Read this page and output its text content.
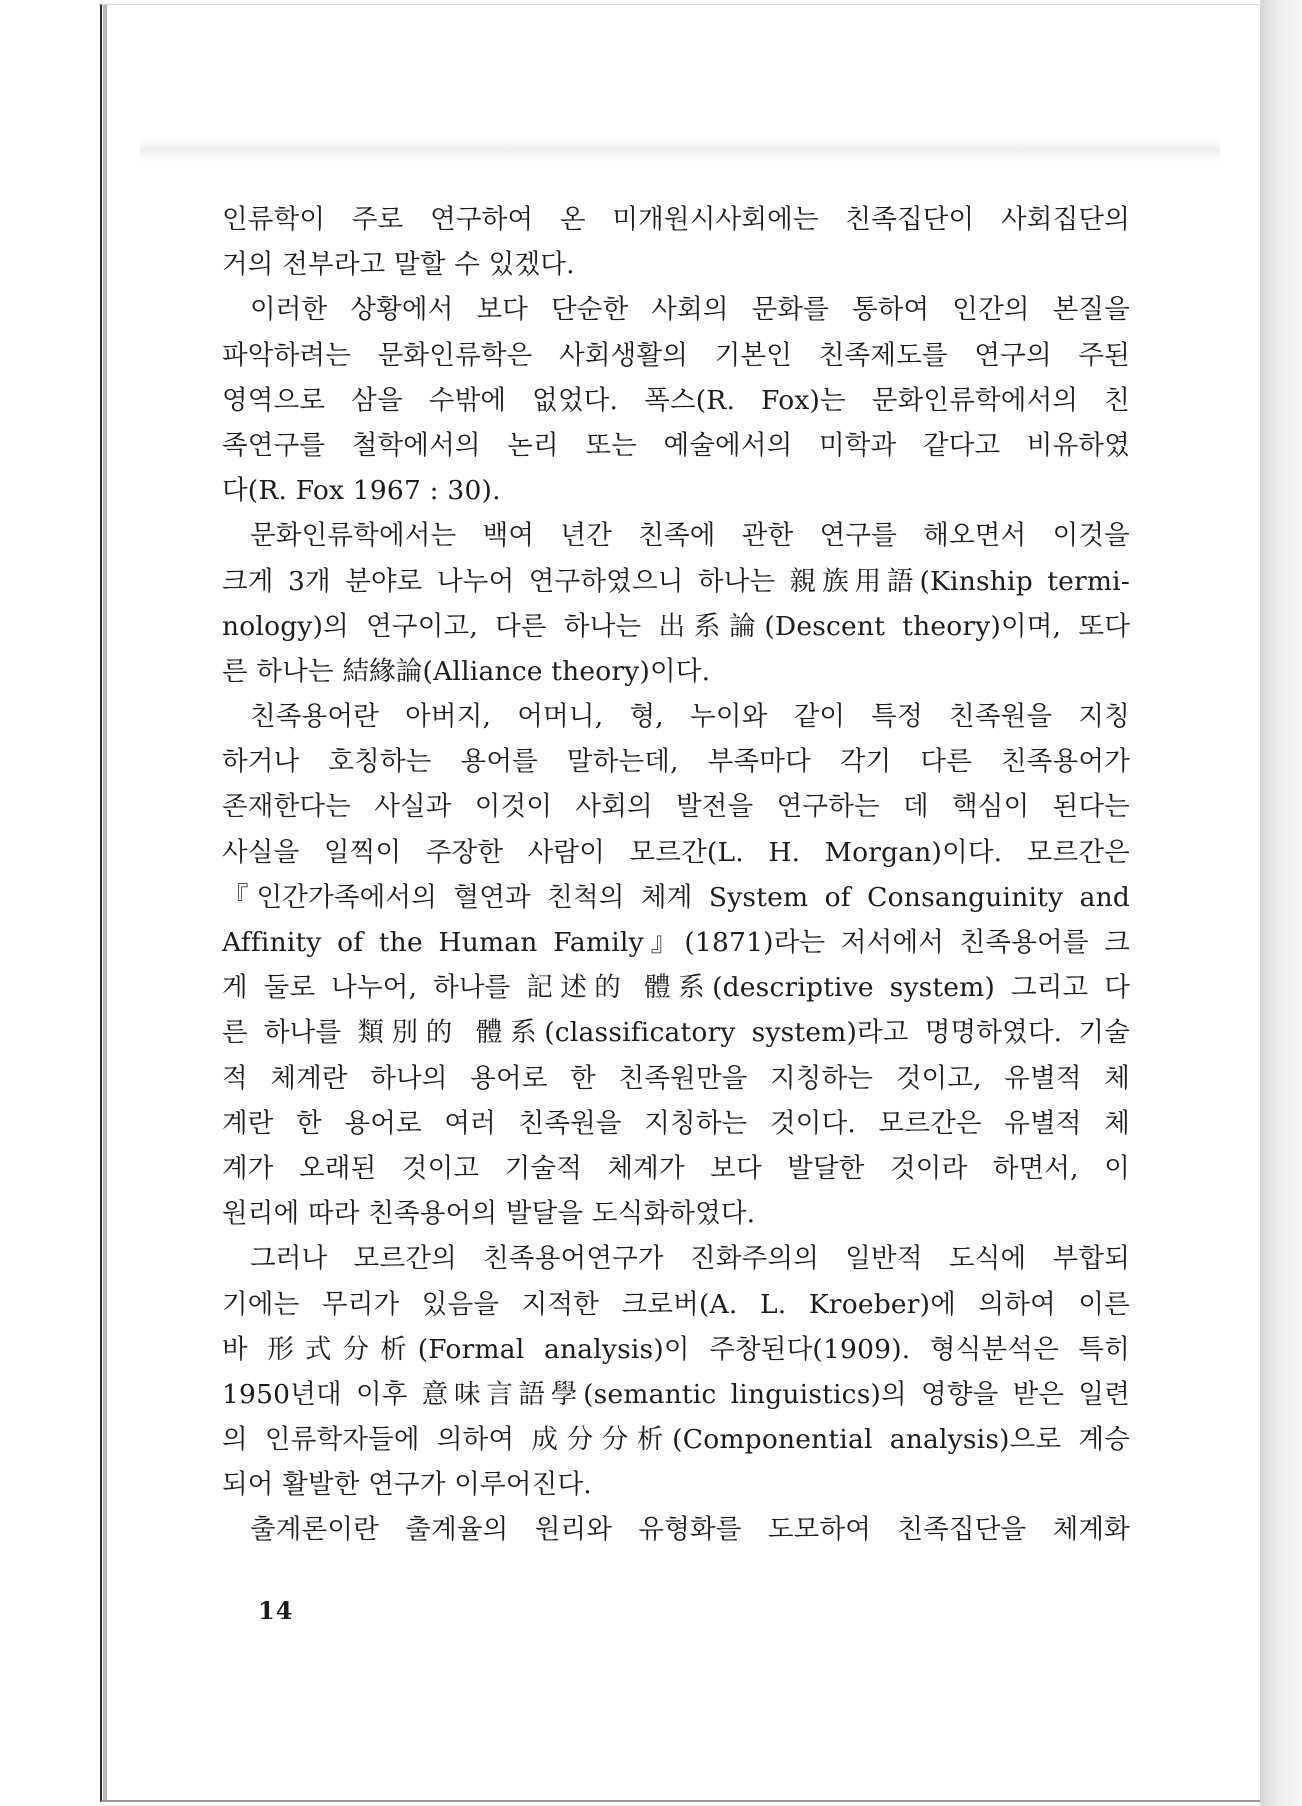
인류학이 주로 연구하여 온 미개원시사회에는 친족집단이 사회집단의
거의 전부라고 말할 수 있겠다.
이러한 상황에서 보다 단순한 사회의 문화를 통하여 인간의 본질을
파악하려는 문화인류학은 사회생활의 기본인 친족제도를 연구의 주된
영역으로 삼을 수밖에 없었다. 폭스(R. Fox)는 문화인류학에서의 친
족연구를 철학에서의 논리 또는 예술에서의 미학과 같다고 비유하였
다(R. Fox 1967 : 30).
문화인류학에서는 백여 년간 친족에 관한 연구를 해오면서 이것을
크게 3개 분야로 나누어 연구하였으니 하나는 親族用語(Kinship termi-
nology)의 연구이고, 다른 하나는 出系論(Descent theory)이며, 또다
른 하나는 結緣論(Alliance theory)이다.
친족용어란 아버지, 어머니, 형, 누이와 같이 특정 친족원을 지칭
하거나 호칭하는 용어를 말하는데, 부족마다 각기 다른 친족용어가
존재한다는 사실과 이것이 사회의 발전을 연구하는 데 핵심이 된다는
사실을 일찍이 주장한 사람이 모르간(L. H. Morgan)이다. 모르간은
『인간가족에서의 혈연과 친척의 체계 System of Consanguinity and
Affinity of the Human Family』(1871)라는 저서에서 친족용어를 크
게 둘로 나누어, 하나를 記述的 體系(descriptive system) 그리고 다
른 하나를 類別的 體系(classificatory system)라고 명명하였다. 기술
적 체계란 하나의 용어로 한 친족원만을 지칭하는 것이고, 유별적 체
계란 한 용어로 여러 친족원을 지칭하는 것이다. 모르간은 유별적 체
계가 오래된 것이고 기술적 체계가 보다 발달한 것이라 하면서, 이
원리에 따라 친족용어의 발달을 도식화하였다.
그러나 모르간의 친족용어연구가 진화주의의 일반적 도식에 부합되
기에는 무리가 있음을 지적한 크로버(A. L. Kroeber)에 의하여 이른
바 形式分析(Formal analysis)이 주창된다(1909). 형식분석은 특히
1950년대 이후 意味言語學(semantic linguistics)의 영향을 받은 일련
의 인류학자들에 의하여 成分分析(Componential analysis)으로 계승
되어 활발한 연구가 이루어진다.
출계론이란 출계율의 원리와 유형화를 도모하여 친족집단을 체계화
14
